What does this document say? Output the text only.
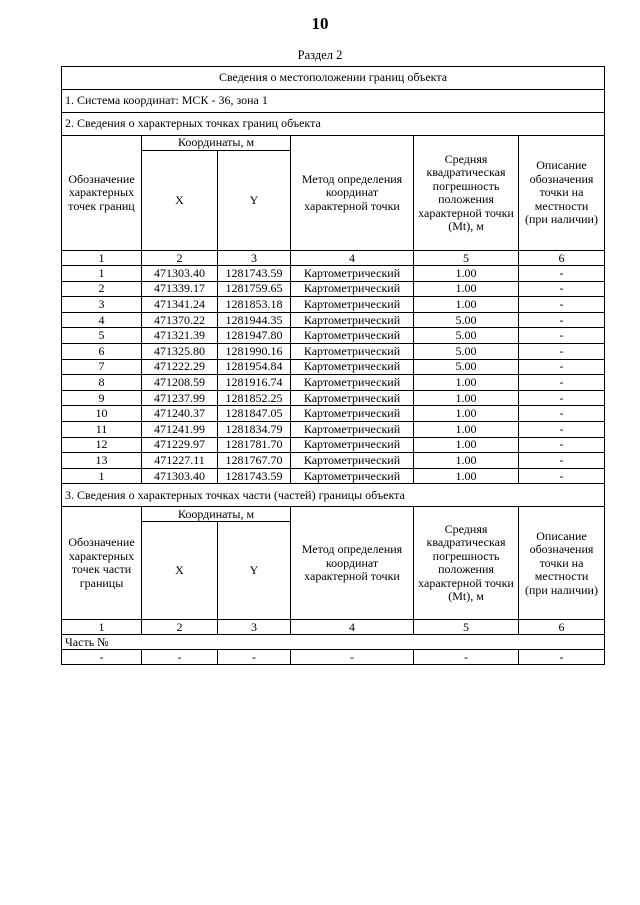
10
Раздел 2
Сведения о местоположении границ объекта					
1. Система координат: МСК - 36, зона 1					
2. Сведения о характерных точках границ объекта					
Обозначение характерных точек границ	Координаты, м		Метод определения координат характерной точки	Средняя квадратическая погрешность положения характерной точки (Mt), м	Описание обозначения точки на местности (при наличии)
	X	Y			
1	2	3	4	5	6
1	471303.40	1281743.59	Картометрический	1.00	-
2	471339.17	1281759.65	Картометрический	1.00	-
3	471341.24	1281853.18	Картометрический	1.00	-
4	471370.22	1281944.35	Картометрический	5.00	-
5	471321.39	1281947.80	Картометрический	5.00	-
6	471325.80	1281990.16	Картометрический	5.00	-
7	471222.29	1281954.84	Картометрический	5.00	-
8	471208.59	1281916.74	Картометрический	1.00	-
9	471237.99	1281852.25	Картометрический	1.00	-
10	471240.37	1281847.05	Картометрический	1.00	-
11	471241.99	1281834.79	Картометрический	1.00	-
12	471229.97	1281781.70	Картометрический	1.00	-
13	471227.11	1281767.70	Картометрический	1.00	-
1	471303.40	1281743.59	Картометрический	1.00	-
3. Сведения о характерных точках части (частей) границы объекта					
Обозначение характерных точек части границы	Координаты, м		Метод определения координат характерной точки	Средняя квадратическая погрешность положения характерной точки (Mt), м	Описание обозначения точки на местности (при наличии)
	X	Y			
1	2	3	4	5	6
Часть №					
-	-	-	-	-	-
